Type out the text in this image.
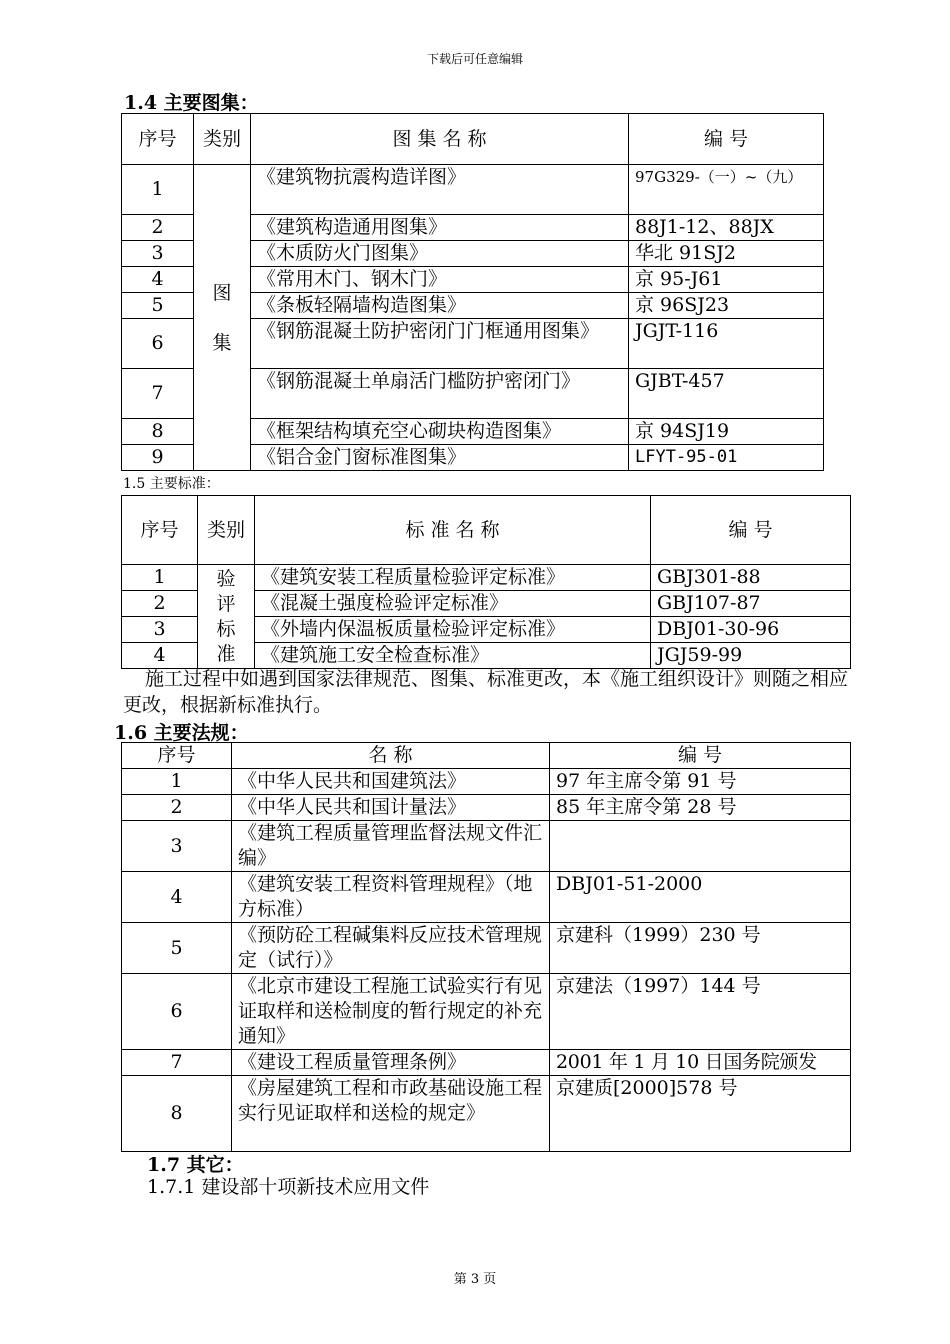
下载后可任意编辑
1.4 主要图集：
序号	类别	图 集 名 称	编 号
1	图集	《建筑物抗震构造详图》	97G329-（一）~（九）
2		《建筑构造通用图集》	88J1-12、88JX
3		《木质防火门图集》	华北 91SJ2
4		《常用木门、钢木门》	京 95-J61
5		《条板轻隔墙构造图集》	京 96SJ23
6		《钢筋混凝土防护密闭门门框通用图集》	JGJT-116
7		《钢筋混凝土单扇活门槛防护密闭门》	GJBT-457
8		《框架结构填充空心砌块构造图集》	京 94SJ19
9		《铝合金门窗标准图集》	LFYT-95-01
1.5 主要标准：
序号	类别	标 准 名 称	编 号
1	验评标准	《建筑安装工程质量检验评定标准》	GBJ301-88
2		《混凝土强度检验评定标准》	GBJ107-87
3		《外墙内保温板质量检验评定标准》	DBJ01-30-96
4		《建筑施工安全检查标准》	JGJ59-99
施工过程中如遇到国家法律规范、图集、标准更改，本《施工组织设计》则随之相应更改，根据新标准执行。
1.6 主要法规：
序号	名 称	编 号
1	《中华人民共和国建筑法》	97 年主席令第 91 号
2	《中华人民共和国计量法》	85 年主席令第 28 号
3	《建筑工程质量管理监督法规文件汇编》	
4	《建筑安装工程资料管理规程》（地方标准）	DBJ01-51-2000
5	《预防砼工程碱集料反应技术管理规定（试行）》	京建科（1999）230 号
6	《北京市建设工程施工试验实行有见证取样和送检制度的暂行规定的补充通知》	京建法（1997）144 号
7	《建设工程质量管理条例》	2001 年 1 月 10 日国务院颁发
8	《房屋建筑工程和市政基础设施工程实行见证取样和送检的规定》	京建质[2000]578 号
1.7 其它：
1.7.1 建设部十项新技术应用文件
第 3 页
